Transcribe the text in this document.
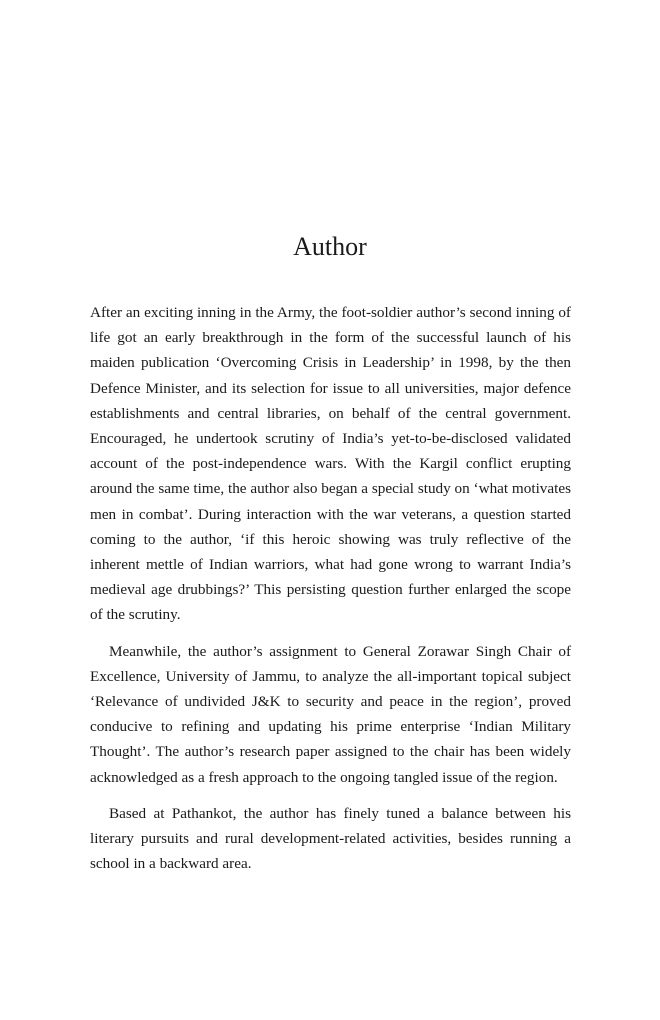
Author

After an exciting inning in the Army, the foot-soldier author’s second inning of life got an early breakthrough in the form of the successful launch of his maiden publication ‘Overcoming Crisis in Leadership’ in 1998, by the then Defence Minister, and its selection for issue to all universities, major defence establishments and central libraries, on behalf of the central government. Encouraged, he undertook scrutiny of India’s yet-to-be-disclosed validated account of the post-independence wars. With the Kargil conflict erupting around the same time, the author also began a special study on ‘what motivates men in combat’. During interaction with the war veterans, a question started coming to the author, ‘if this heroic showing was truly reflective of the inherent mettle of Indian warriors, what had gone wrong to warrant India’s medieval age drubbings?’ This persisting question further enlarged the scope of the scrutiny.

Meanwhile, the author’s assignment to General Zorawar Singh Chair of Excellence, University of Jammu, to analyze the all-important topical subject ‘Relevance of undivided J&K to security and peace in the region’, proved conducive to refining and updating his prime enterprise ‘Indian Military Thought’. The author’s research paper assigned to the chair has been widely acknowledged as a fresh approach to the ongoing tangled issue of the region.

Based at Pathankot, the author has finely tuned a balance between his literary pursuits and rural development-related activities, besides running a school in a backward area.
